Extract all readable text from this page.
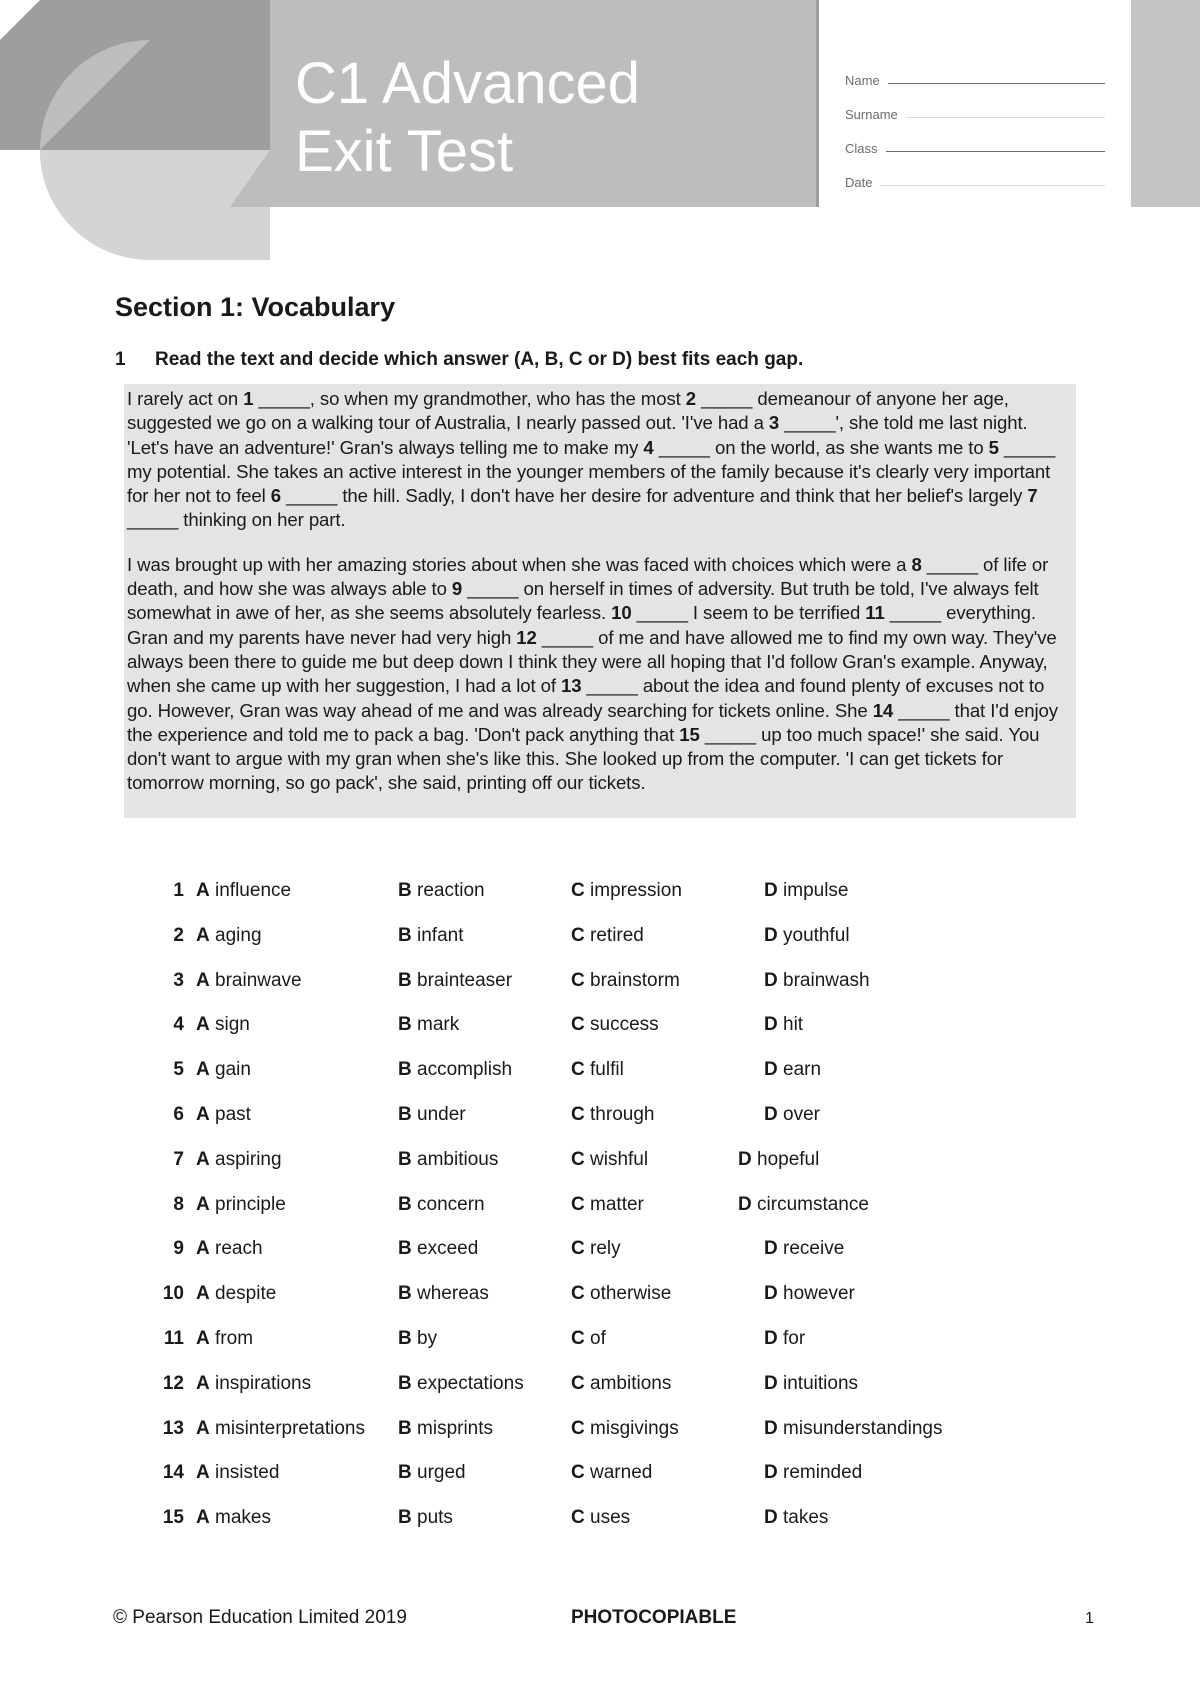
C1 Advanced
Exit Test
Name
Surname
Class
Date
Section 1: Vocabulary
1 Read the text and decide which answer (A, B, C or D) best fits each gap.

I rarely act on 1 _____, so when my grandmother, who has the most 2 _____ demeanour of anyone her age, suggested we go on a walking tour of Australia, I nearly passed out. 'I've had a 3 _____', she told me last night. 'Let's have an adventure!' Gran's always telling me to make my 4 _____ on the world, as she wants me to 5 _____ my potential. She takes an active interest in the younger members of the family because it's clearly very important for her not to feel 6 _____ the hill. Sadly, I don't have her desire for adventure and think that her belief's largely 7 _____ thinking on her part.

I was brought up with her amazing stories about when she was faced with choices which were a 8 _____ of life or death, and how she was always able to 9 _____ on herself in times of adversity. But truth be told, I've always felt somewhat in awe of her, as she seems absolutely fearless. 10 _____ I seem to be terrified 11 _____ everything. Gran and my parents have never had very high 12 _____ of me and have allowed me to find my own way. They've always been there to guide me but deep down I think they were all hoping that I'd follow Gran's example. Anyway, when she came up with her suggestion, I had a lot of 13 _____ about the idea and found plenty of excuses not to go. However, Gran was way ahead of me and was already searching for tickets online. She 14 _____ that I'd enjoy the experience and told me to pack a bag. 'Don't pack anything that 15 _____ up too much space!' she said. You don't want to argue with my gran when she's like this. She looked up from the computer. 'I can get tickets for tomorrow morning, so go pack', she said, printing off our tickets.

1 A influence	B reaction	C impression	D impulse
2 A aging	B infant	C retired	D youthful
3 A brainwave	B brainteaser	C brainstorm	D brainwash
4 A sign	B mark	C success	D hit
5 A gain	B accomplish	C fulfil	D earn
6 A past	B under	C through	D over
7 A aspiring	B ambitious	C wishful	D hopeful
8 A principle	B concern	C matter	D circumstance
9 A reach	B exceed	C rely	D receive
10 A despite	B whereas	C otherwise	D however
11 A from	B by	C of	D for
12 A inspirations	B expectations C ambitions	D intuitions
13 A misinterpretations B misprints	C misgivings	D misunderstandings
14 A insisted	B urged	C warned	D reminded
15 A makes	B puts	C uses	D takes
© Pearson Education Limited 2019	PHOTOCOPIABLE	1
